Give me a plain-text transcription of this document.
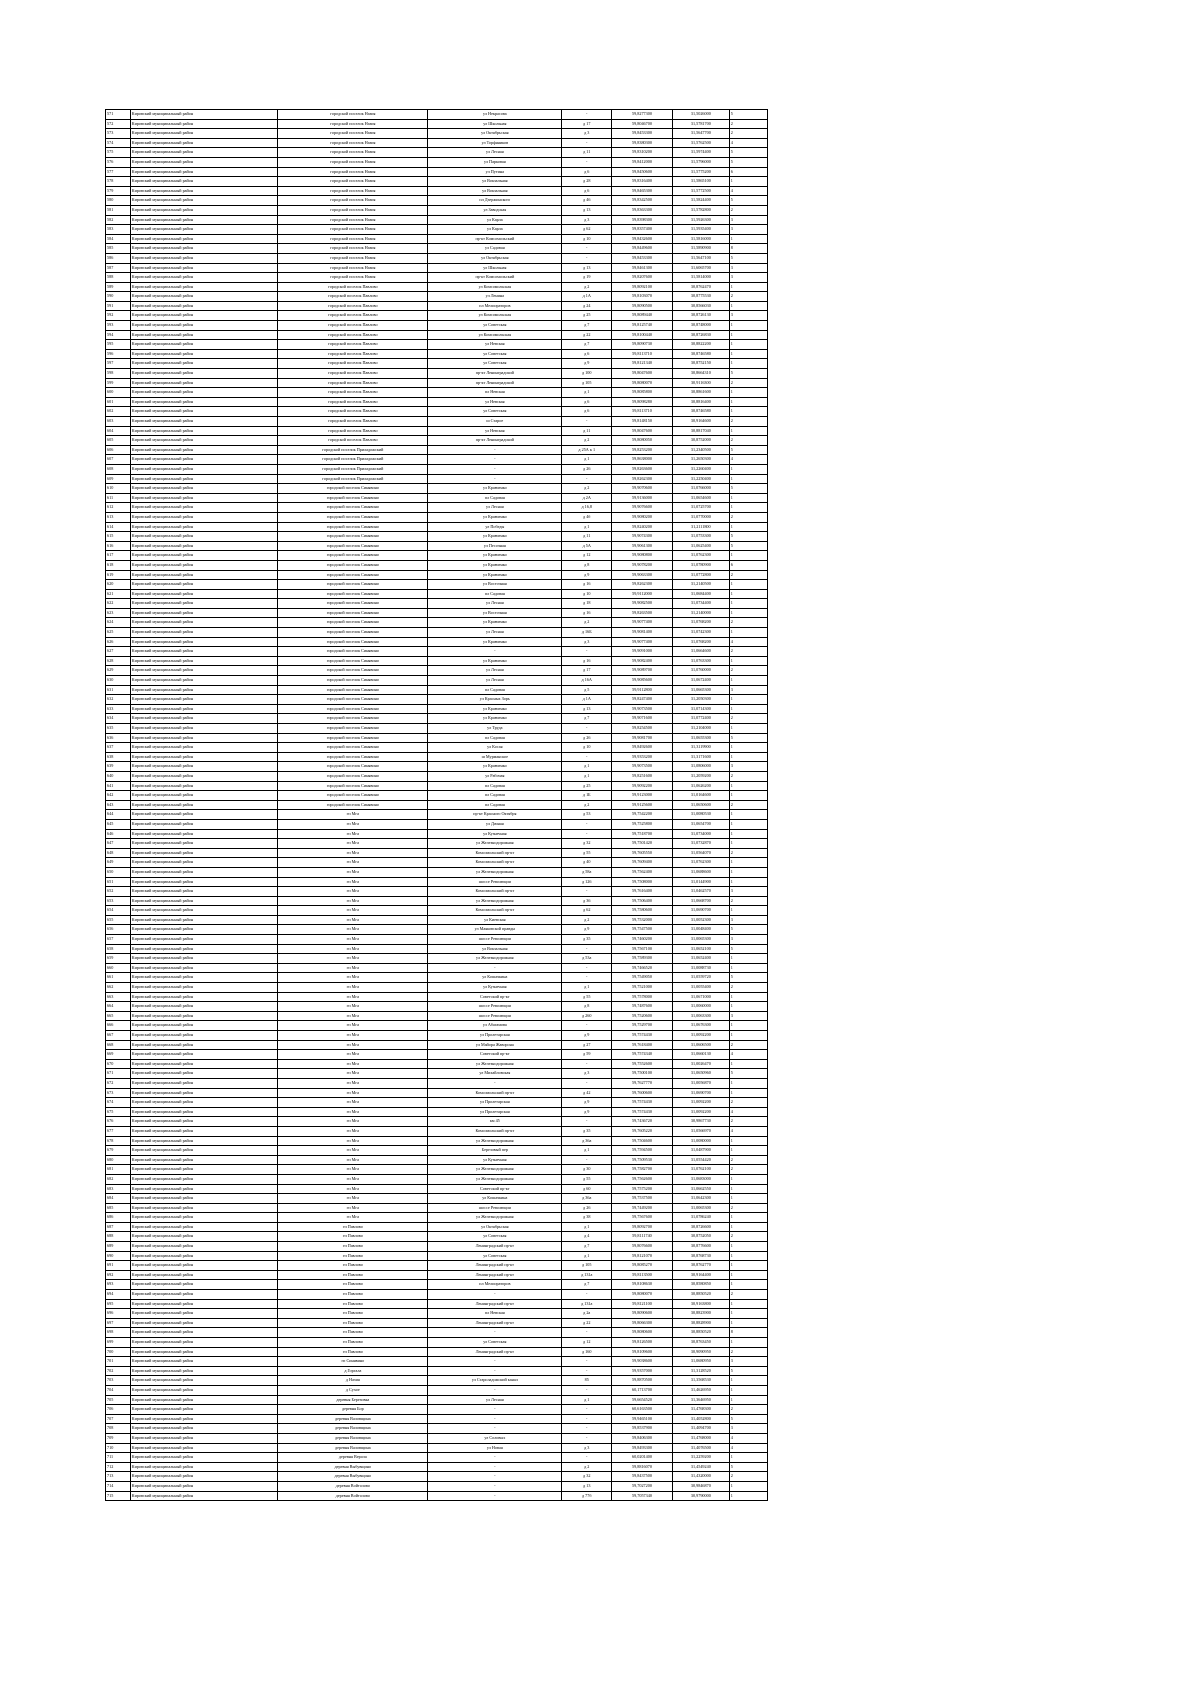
571	Кировский муниципальный район	городской поселок Назия	ул Некрасова	-	59,8277300	31,5026000	5
572	Кировский муниципальный район	городской поселок Назия	ул Школьная	д 17	59,8046700	31,5781700	2
573	Кировский муниципальный район	городской поселок Назия	ул Октябрьская	д 3	59,8453300	31,5647700	2
574	Кировский муниципальный район	городской поселок Назия	ул Торфяников	-	59,8380300	31,5762500	4
575	Кировский муниципальный район	городской поселок Назия	ул Лесная	д 11	59,8310200	31,5974400	5
576	Кировский муниципальный район	городской поселок Назия	ул Парковая	-	59,8412000	31,5796000	5
577	Кировский муниципальный район	городской поселок Назия	ул Путина	д 6	59,8450600	31,5775200	6
578	Кировский муниципальный район	городской поселок Назия	ул Вокзальная	д 28	59,8316400	31,5865100	1
579	Кировский муниципальный район	городской поселок Назия	ул Вокзальная	д 6	59,8465300	31,5772500	4
580	Кировский муниципальный район	городской поселок Назия	пл Дзержинского	д 46	59,8342500	31,5824400	5
581	Кировский муниципальный район	городской поселок Назия	ул Заводская	д 13	59,8363300	31,5782800	2
582	Кировский муниципальный район	городской поселок Назия	ул Карла	д 3	59,8398300	31,5926300	3
583	Кировский муниципальный район	городской поселок Назия	ул Карла	д 62	59,8357400	31,5935400	3
584	Кировский муниципальный район	городской поселок Назия	пр-кт Комсомольский	д 10	59,8432600	31,5816000	1
585	Кировский муниципальный район	городской поселок Назия	ул Садовая	-	59,8449600	31,5890900	8
586	Кировский муниципальный район	городской поселок Назия	ул Октябрьская	-	59,8453300	31,5647100	5
587	Кировский муниципальный район	городской поселок Назия	ул Школьная	д 13	59,8461300	31,6065700	3
588	Кировский муниципальный район	городской поселок Назия	пр-кт Комсомольский	д 19	59,8207600	31,5814000	3
589	Кировский муниципальный район	городской поселок Павлово	ул Комсомольская	д 2	59,8092100	30,8762470	1
590	Кировский муниципальный район	городской поселок Павлово	ул Ленина	д 1А	59,8103070	30,8775530	2
591	Кировский муниципальный район	городской поселок Павлово	пл Мелиораторов	д 24	59,8090500	30,8566030	1
592	Кировский муниципальный район	городской поселок Павлово	ул Комсомольская	д 25	59,8089440	30,8726130	3
593	Кировский муниципальный район	городской поселок Павлово	ул Советская	д 7	59,8125740	30,8748000	1
594	Кировский муниципальный район	городской поселок Павлово	ул Комсомольская	д 22	59,8100440	30,8726830	1
595	Кировский муниципальный район	городской поселок Павлово	ул Невская	д 7	59,8090730	30,8822200	1
596	Кировский муниципальный район	городской поселок Павлово	ул Советская	д 6	59,8113710	30,8746580	1
597	Кировский муниципальный район	городской поселок Павлово	ул Советская	д 9	59,8121340	30,8752150	1
598	Кировский муниципальный район	городской поселок Павлово	пр-кт Ленинградский	д 100	59,8047600	30,8664310	5
599	Кировский муниципальный район	городской поселок Павлово	пр-кт Ленинградский	д 105	59,8080070	30,9116300	2
600	Кировский муниципальный район	городской поселок Павлово	пл Невская	д 1	59,8085800	30,8861600	1
601	Кировский муниципальный район	городской поселок Павлово	ул Невская	д 6	59,8098280	30,8816400	1
602	Кировский муниципальный район	городской поселок Павлово	ул Советская	д 6	59,8113710	30,8746580	1
603	Кировский муниципальный район	городской поселок Павлово	ш Старое	-	59,8148150	30,9164600	2
604	Кировский муниципальный район	городской поселок Павлово	ул Невская	д 11	59,8047600	30,8817040	1
605	Кировский муниципальный район	городской поселок Павлово	пр-кт Ленинградский	д 2	59,8080050	30,8752000	2
606	Кировский муниципальный район	городской поселок Приладожский	-	д 25А к 1	59,8253200	31,2340500	5
607	Кировский муниципальный район	городской поселок Приладожский	-	д 1	59,8638000	31,2650300	4
608	Кировский муниципальный район	городской поселок Приладожский	-	д 26	59,8263600	31,2260400	1
609	Кировский муниципальный район	городской поселок Приладожский	-	-	59,8262300	31,2250400	1
610	Кировский муниципальный район	городской поселок Синявино	ул Кравченко	д 2	59,9070600	31,0766000	5
611	Кировский муниципальный район	городской поселок Синявино	пл Садовая	д 2А	59,9136000	31,0654600	1
612	Кировский муниципальный район	городской поселок Синявино	ул Лесная	д 16,8	59,9076600	31,0725700	1
613	Кировский муниципальный район	городской поселок Синявино	ул Кравченко	д 4б	59,9080200	31,0770000	2
614	Кировский муниципальный район	городской поселок Синявино	ул Победы	д 1	59,8240200	31,2111800	1
615	Кировский муниципальный район	городской поселок Синявино	ул Кравченко	д 11	59,9074300	31,0753300	5
616	Кировский муниципальный район	городской поселок Синявино	ул Песочная	д 5А	59,9061300	31,0625400	5
617	Кировский муниципальный район	городской поселок Синявино	ул Кравченко	д 12	59,9080800	31,0762300	1
618	Кировский муниципальный район	городской поселок Синявино	ул Кравченко	д 8	59,9078200	31,0780900	6
619	Кировский муниципальный район	городской поселок Синявино	ул Кравченко	д 9	59,9063300	31,0772800	2
620	Кировский муниципальный район	городской поселок Синявино	ул Восточная	д 16	59,8262300	31,2140500	1
621	Кировский муниципальный район	городской поселок Синявино	пл Садовая	д 10	59,9112000	31,0684400	1
622	Кировский муниципальный район	городской поселок Синявино	ул Лесная	д 18	59,9082500	31,0734400	1
623	Кировский муниципальный район	городской поселок Синявино	ул Восточная	д 16	59,8263500	31,2140000	1
624	Кировский муниципальный район	городской поселок Синявино	ул Кравченко	д 2	59,9077400	31,0768200	2
625	Кировский муниципальный район	городской поселок Синявино	ул Лесная	д 16Б	59,9081400	31,0742300	1
626	Кировский муниципальный район	городской поселок Синявино	ул Кравченко	д 3	59,9077400	31,0768200	4
627	Кировский муниципальный район	городской поселок Синявино	-	-	59,9091000	31,0664600	2
628	Кировский муниципальный район	городской поселок Синявино	ул Кравченко	д 16	59,9082400	31,0763300	1
629	Кировский муниципальный район	городской поселок Синявино	ул Лесная	д 17	59,9089700	31,0760000	2
630	Кировский муниципальный район	городской поселок Синявино	ул Лесная	д 16А	59,9085600	31,0672400	1
631	Кировский муниципальный район	городской поселок Синявино	пл Садовая	д 5	59,9112800	31,0665300	3
632	Кировский муниципальный район	городской поселок Синявино	ул Красных Зорь	д 1А	59,8247400	31,2050300	1
633	Кировский муниципальный район	городской поселок Синявино	ул Кравченко	д 13	59,9073500	31,0714300	1
634	Кировский муниципальный район	городской поселок Синявино	ул Кравченко	д 7	59,9071600	31,0772400	2
635	Кировский муниципальный район	городской поселок Синявино	ул Труда	-	59,8254500	31,2104000	1
636	Кировский муниципальный район	городской поселок Синявино	пл Садовая	д 26	59,9081700	31,0655300	5
637	Кировский муниципальный район	городской поселок Синявино	ул Косая	д 10	59,8492600	31,3119900	1
638	Кировский муниципальный район	городской поселок Синявино	ш Мурманское	-	59,9353200	31,3171600	1
639	Кировский муниципальный район	городской поселок Синявино	ул Кравченко	д 1	59,9073500	31,0806000	3
640	Кировский муниципальный район	городской поселок Синявино	ул Рабочая	д 1	59,8251600	31,2059200	2
641	Кировский муниципальный район	городской поселок Синявино	пл Садовая	д 25	59,9092200	31,0626200	1
642	Кировский муниципальный район	городской поселок Синявино	пл Садовая	д 1Б	59,9123000	31,0164600	1
643	Кировский муниципальный район	городской поселок Синявино	пл Садовая	д 2	59,9125600	31,0650600	2
644	Кировский муниципальный район	гп Мга	пр-кт Красного Октября	д 53	59,7542200	31,0080530	1
645	Кировский муниципальный район	гп Мга	ул Дачная	-	59,7525800	31,0654700	1
646	Кировский муниципальный район	гп Мга	ул Кузнечная	-	59,7518700	31,0734000	1
647	Кировский муниципальный район	гп Мга	ул Железнодорожная	д 32	59,7501420	31,0732870	1
648	Кировский муниципальный район	гп Мга	Комсомольский пр-кт	д 55	59,7605550	31,0564070	2
649	Кировский муниципальный район	гп Мга	Комсомольский пр-кт	д 40	59,7609400	31,0762300	1
650	Кировский муниципальный район	гп Мга	ул Железнодорожная	д 58а	59,7562400	31,0688600	1
651	Кировский муниципальный район	гп Мга	шоссе Революции	д 126	59,7508000	31,0144900	1
652	Кировский муниципальный район	гп Мга	Комсомольский пр-кт	-	59,7616400	31,0462570	3
653	Кировский муниципальный район	гп Мга	ул Железнодорожная	д 36	59,7506400	31,0668700	2
654	Кировский муниципальный район	гп Мга	Комсомольский пр-кт	д 62	59,7580600	31,0690700	1
655	Кировский муниципальный район	гп Мга	ул Киевская	д 2	59,7532000	31,0052300	3
656	Кировский муниципальный район	гп Мга	ул Маяковской правды	д 9	59,7547500	31,0048400	5
657	Кировский муниципальный район	гп Мга	шоссе Революции	д 35	59,7460200	31,0065300	3
658	Кировский муниципальный район	гп Мга	ул Вокзальная	-	59,7567100	31,0652100	5
659	Кировский муниципальный район	гп Мга	ул Железнодорожная	д 53а	59,7589300	31,0652400	1
660	Кировский муниципальный район	гп Мга	-	-	59,7466520	31,0088730	1
661	Кировский муниципальный район	гп Мга	ул Кошачкина	-	59,7549050	31,0559720	5
662	Кировский муниципальный район	гп Мга	ул Кузнечная	д 1	59,7521000	31,0055400	2
663	Кировский муниципальный район	гп Мга	Советский пр-кт	д 55	59,7578000	31,0671000	1
664	Кировский муниципальный район	гп Мга	шоссе Революции	д 8	59,7487600	31,0060000	1
665	Кировский муниципальный район	гп Мга	шоссе Революции	д 260	59,7520600	31,0063300	3
666	Кировский муниципальный район	гп Мга	ул Абагамова	-	59,7529700	31,0676300	1
667	Кировский муниципальный район	гп Мга	ул Пролетарская	д 9	59,7574430	31,0092200	1
668	Кировский муниципальный район	гп Мга	ул Майора Жаворона	д 27	59,7618400	31,0606500	2
669	Кировский муниципальный район	гп Мга	Советский пр-кт	д 59	59,7574340	31,0660130	4
670	Кировский муниципальный район	гп Мга	ул Железнодорожная	-	59,7552600	31,0026470	1
671	Кировский муниципальный район	гп Мга	ул Михайловская	д 3	59,7500100	31,0650960	5
672	Кировский муниципальный район	гп Мга	-	-	59,7627770	31,0056870	1
673	Кировский муниципальный район	гп Мга	Комсомольский пр-кт	д 42	59,7600600	31,0690700	1
674	Кировский муниципальный район	гп Мга	ул Пролетарская	д 9	59,7574430	31,0092200	2
675	Кировский муниципальный район	гп Мга	ул Пролетарская	д 9	59,7574430	31,0092200	4
676	Кировский муниципальный район	гп Мга	км 45	-	59,7436720	30,9867730	2
677	Кировский муниципальный район	гп Мга	Комсомольский пр-кт	д 35	59,7605220	31,0566970	4
678	Кировский муниципальный район	гп Мга	ул Железнодорожная	д 36а	59,7504600	31,0080000	1
679	Кировский муниципальный район	гп Мга	Березовый пер	д 1	59,7594500	31,0487900	1
680	Кировский муниципальный район	гп Мга	ул Кузнечная	-	59,7509530	31,0554420	2
681	Кировский муниципальный район	гп Мга	ул Железнодорожная	д 30	59,7582700	31,0762100	2
682	Кировский муниципальный район	гп Мга	ул Железнодорожная	д 55	59,7562600	31,0683000	1
683	Кировский муниципальный район	гп Мга	Советский пр-кт	д 60	59,7575200	31,0662550	1
684	Кировский муниципальный район	гп Мга	ул Кошачкина	д 36а	59,7537500	31,0642300	1
685	Кировский муниципальный район	гп Мга	шоссе Революции	д 26	59,7449200	31,0065300	2
686	Кировский муниципальный район	гп Мга	ул Железнодорожная	д 38	59,7567600	31,0786240	1
687	Кировский муниципальный район	гп Павлово	ул Октябрьская	д 1	59,8092700	30,8726600	1
688	Кировский муниципальный район	гп Павлово	ул Советская	д 4	59,8111740	30,8752050	2
689	Кировский муниципальный район	гп Павлово	Ленинградский пр-кт	д 7	59,8076600	30,8776600	1
690	Кировский муниципальный район	гп Павлово	ул Советская	д 1	59,8121070	30,8768730	1
691	Кировский муниципальный район	гп Павлово	Ленинградский пр-кт	д 105	59,8085270	30,8762770	1
692	Кировский муниципальный район	гп Павлово	Ленинградский пр-кт	д 131а	59,8113500	30,9164400	1
693	Кировский муниципальный район	гп Павлово	пл Мелиораторов	д 7	59,8108630	30,8580850	1
694	Кировский муниципальный район	гп Павлово	-	-	59,8080070	30,8850520	2
695	Кировский муниципальный район	гп Павлово	Ленинградский пр-кт	д 131а	59,8121100	30,9163800	1
696	Кировский муниципальный район	гп Павлово	пл Невская	д 2а	59,8090600	30,8823900	1
697	Кировский муниципальный район	гп Павлово	Ленинградский пр-кт	д 22	59,8066300	30,8828900	1
698	Кировский муниципальный район	гп Павлово	-	-	59,8080600	30,8850520	8
699	Кировский муниципальный район	гп Павлово	ул Советская	д 12	59,8126500	30,8763450	1
700	Кировский муниципальный район	гп Павлово	Ленинградский пр-кт	д 160	59,8109600	30,9090950	2
701	Кировский муниципальный район	гп Синявино	-	-	59,9038600	31,0680950	3
702	Кировский муниципальный район	д Горгала	-	-	59,9357000	31,3128520	5
703	Кировский муниципальный район	д Назия	ул Староладожский канал	85	59,8870500	31,3568530	1
704	Кировский муниципальный район	д Сухое	-	-	60,1713700	31,4626950	1
705	Кировский муниципальный район	деревня Березовка	ул Лесная	д 1	59,6654520	31,3646950	1
706	Кировский муниципальный район	деревня Бор	-	-	60,6163500	31,4768300	2
707	Кировский муниципальный район	деревня Валовщина	-	-	59,9465100	31,4052800	5
708	Кировский муниципальный район	деревня Валовщина	-	-	59,8537900	31,4094700	3
709	Кировский муниципальный район	деревня Валовщина	ул Соловых	-	59,8406300	31,4768000	4
710	Кировский муниципальный район	деревня Валовщина	ул Новая	д 3	59,8493300	31,4076500	4
711	Кировский муниципальный район	деревня Верола	-	-	60,0201400	31,2259200	1
712	Кировский муниципальный район	деревня Выбувщино	-	д 2	59,8816070	31,4549240	5
713	Кировский муниципальный район	деревня Выбувщино	-	д 32	59,8437500	31,4320000	2
714	Кировский муниципальный район	деревня Войтолово	-	д 13	59,7027200	30,9846870	1
715	Кировский муниципальный район	деревня Войтолово	-	д 77б	59,7057340	30,9790000	1
